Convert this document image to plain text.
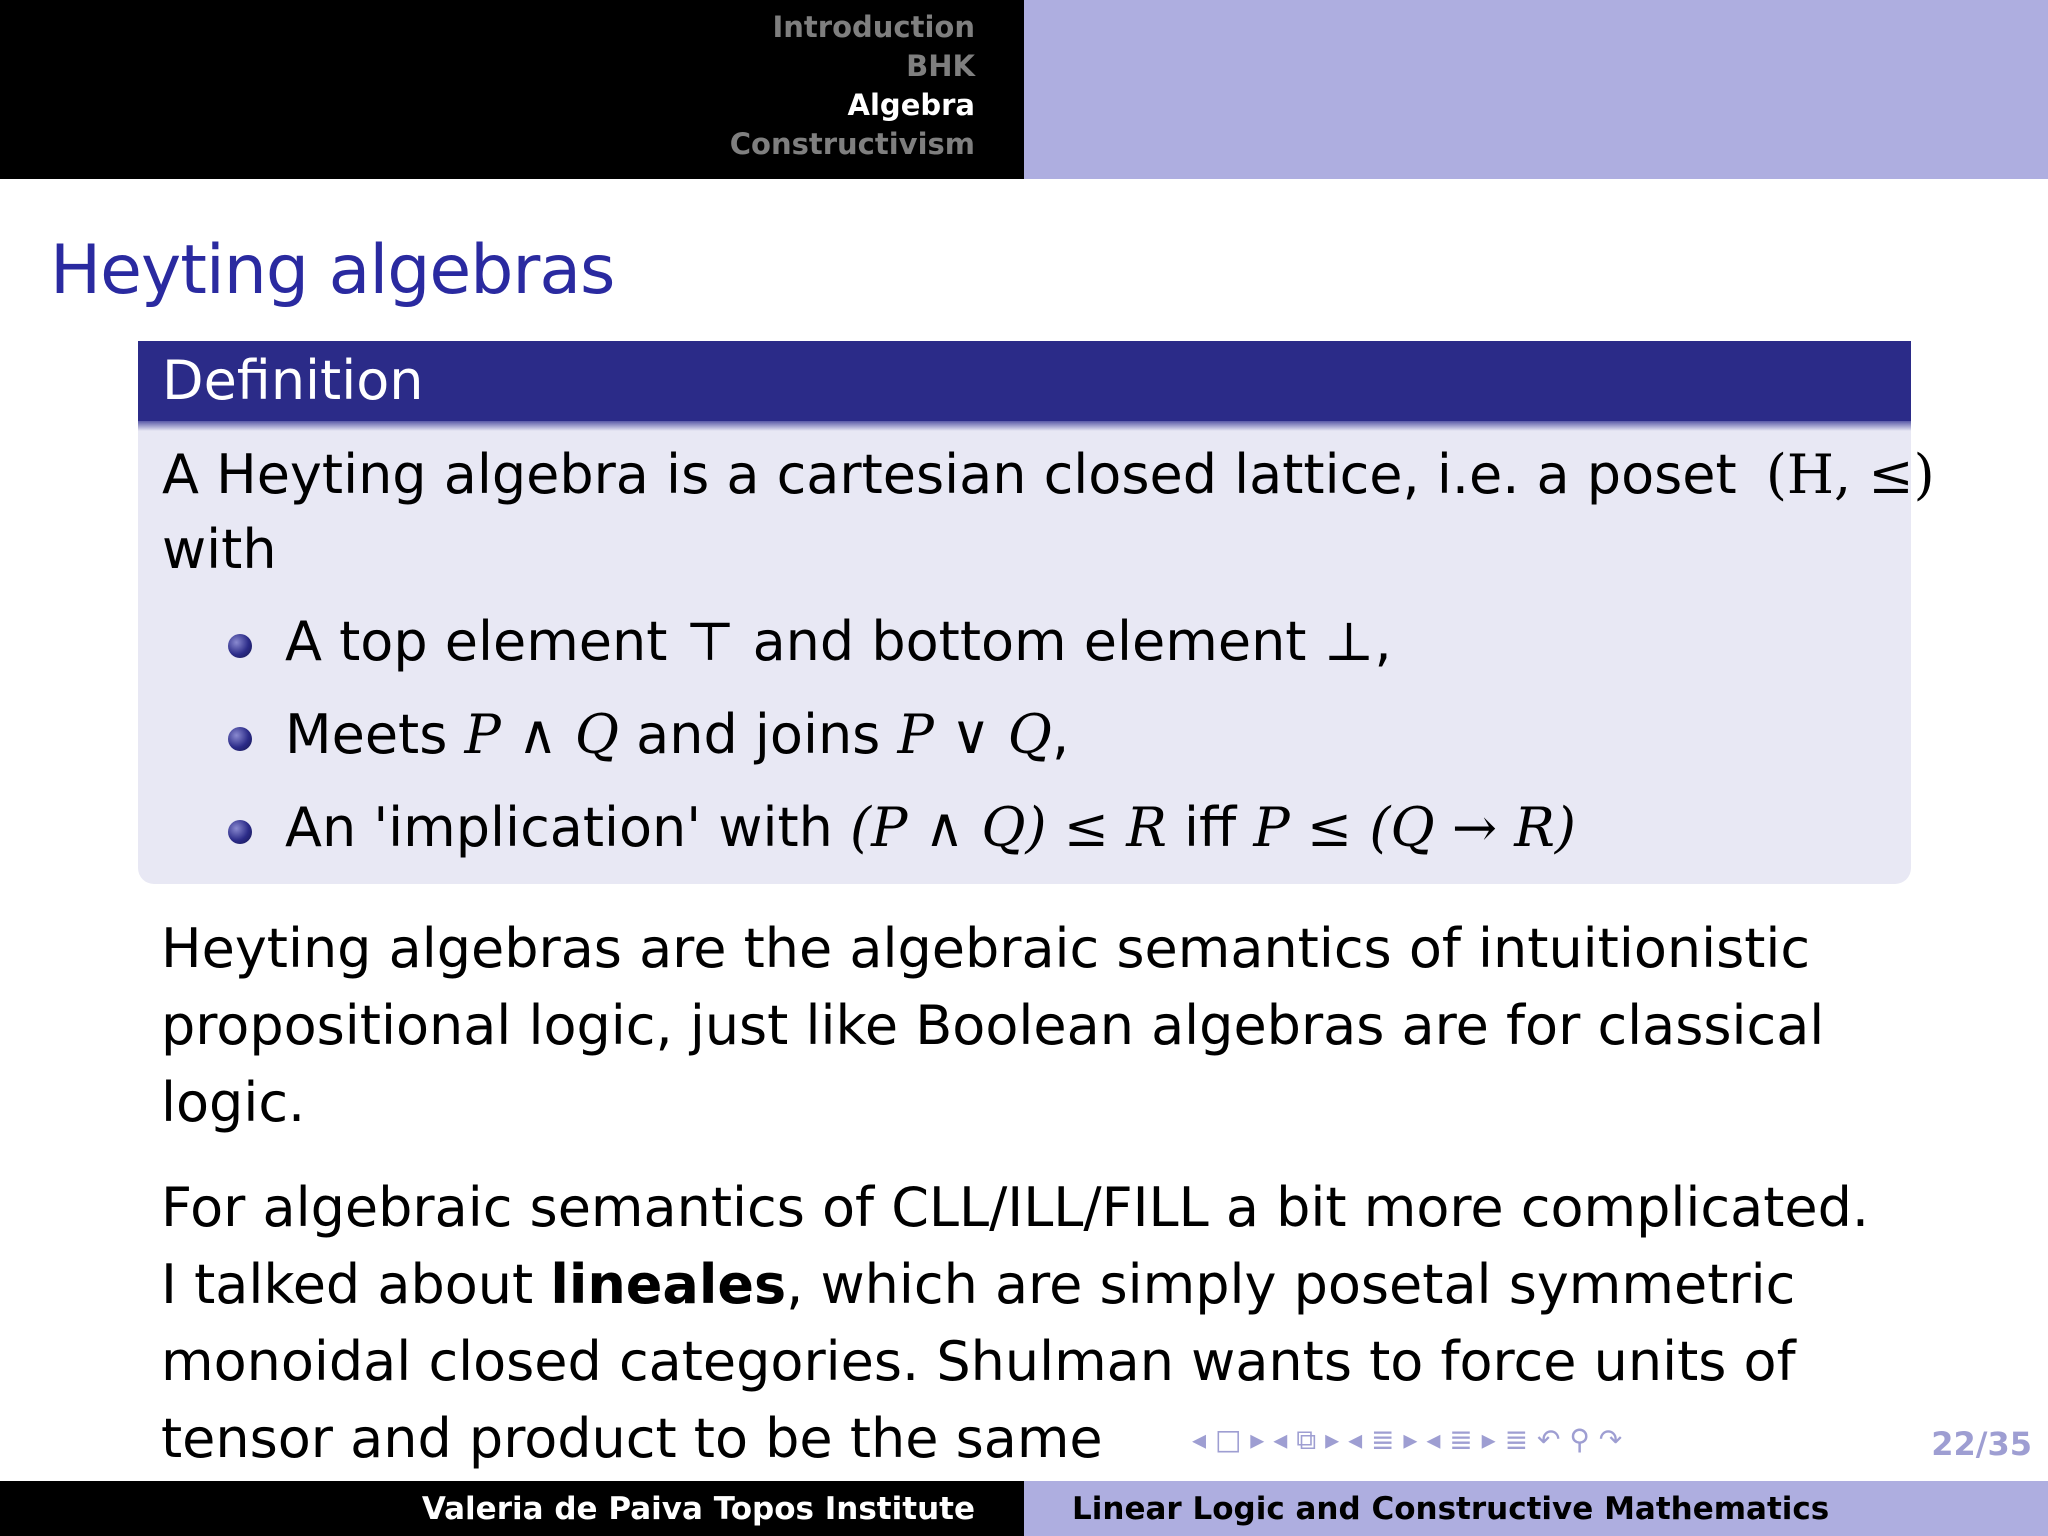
Introduction
BHK
Algebra
Constructivism
Heyting algebras
Definition
A Heyting algebra is a cartesian closed lattice, i.e. a poset (H, ≤)
with
A top element ⊤ and bottom element ⊥,
Meets P ∧ Q and joins P ∨ Q,
An 'implication' with (P ∧ Q) ≤ R iff P ≤ (Q → R)
Heyting algebras are the algebraic semantics of intuitionistic propositional logic, just like Boolean algebras are for classical logic.
For algebraic semantics of CLL/ILL/FILL a bit more complicated. I talked about lineales, which are simply posetal symmetric monoidal closed categories. Shulman wants to force units of tensor and product to be the same	◂ □ ▸ ◂ ⧉ ▸ ◂ ≣ ▸ ◂ ≣ ▸ ≣ ↶ ⚲ ↷	22/35
Valeria de Paiva Topos Institute	Linear Logic and Constructive Mathematics
